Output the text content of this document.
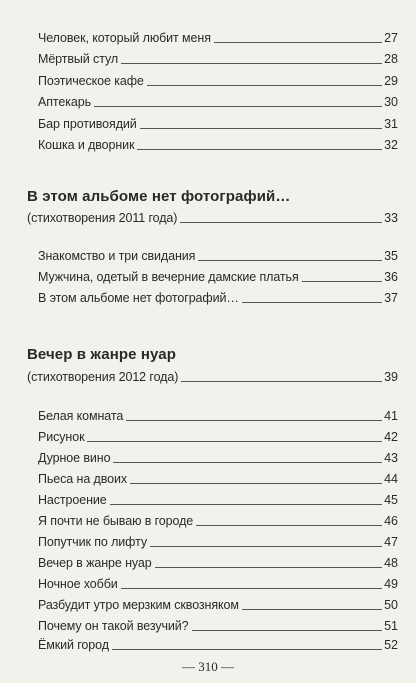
Человек, который любит меня	27
Мёртвый стул	28
Поэтическое кафе	29
Аптекарь	30
Бар противоядий	31
Кошка и дворник	32
В этом альбоме нет фотографий…
(стихотворения 2011 года)	33
Знакомство и три свидания	35
Мужчина, одетый в вечерние дамские платья	36
В этом альбоме нет фотографий…	37
Вечер в жанре нуар
(стихотворения 2012 года)	39
Белая комната	41
Рисунок	42
Дурное вино	43
Пьеса на двоих	44
Настроение	45
Я почти не бываю в городе	46
Попутчик по лифту	47
Вечер в жанре нуар	48
Ночное хобби	49
Разбудит утро мерзким сквозняком	50
Почему он такой везучий?	51
Ёмкий город	52
— 310 —
